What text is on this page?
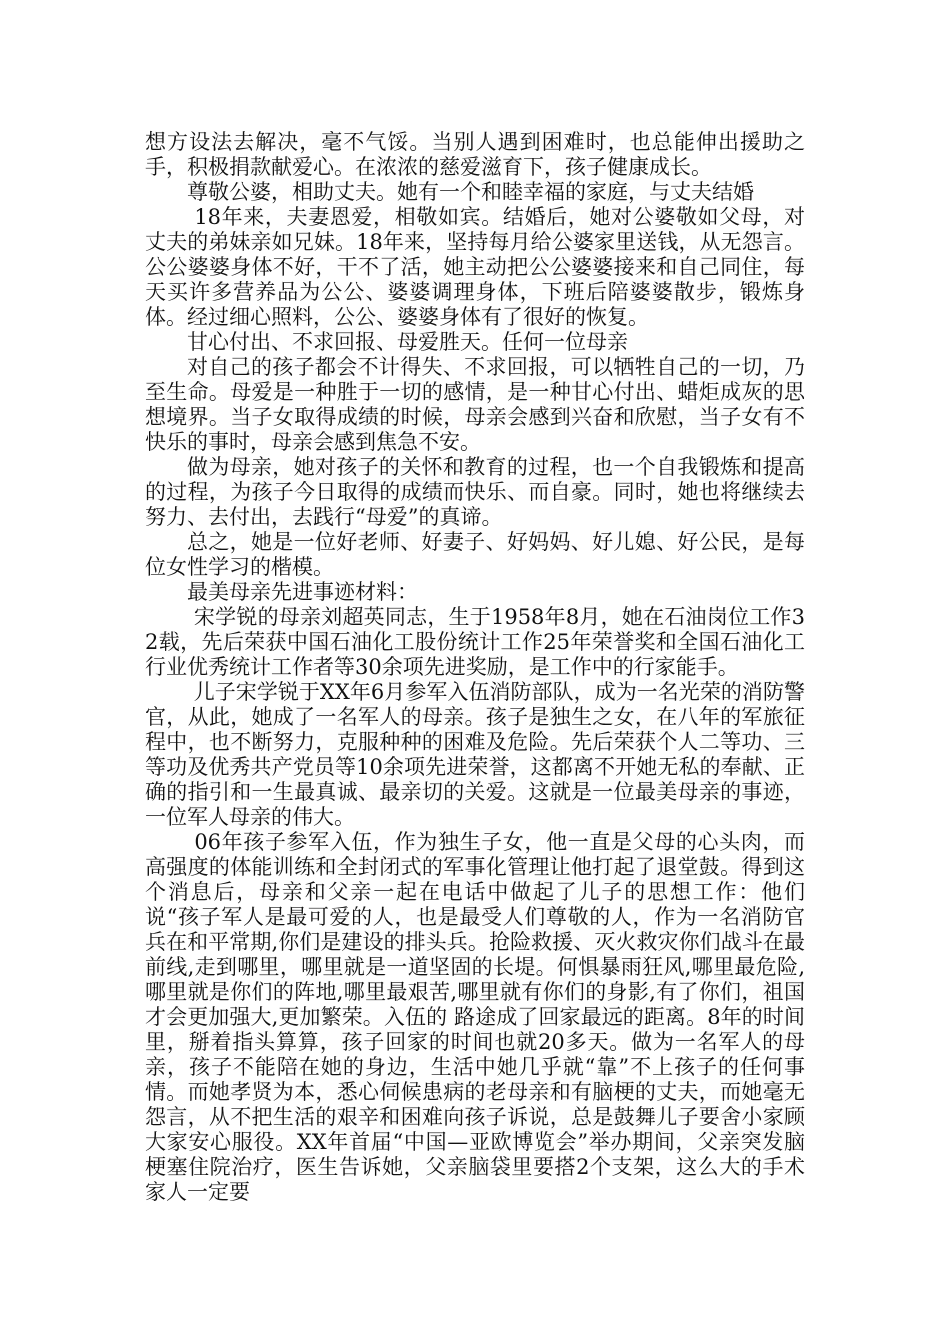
想方设法去解决，毫不气馁。当别人遇到困难时，也总能伸出援助之手，积极捐款献爱心。在浓浓的慈爱滋育下，孩子健康成长。

尊敬公婆，相助丈夫。她有一个和睦幸福的家庭，与丈夫结婚

18年来，夫妻恩爱，相敬如宾。结婚后，她对公婆敬如父母，对丈夫的弟妹亲如兄妹。18年来，坚持每月给公婆家里送钱，从无怨言。公公婆婆身体不好，干不了活，她主动把公公婆婆接来和自己同住，每天买许多营养品为公公、婆婆调理身体，下班后陪婆婆散步，锻炼身体。经过细心照料，公公、婆婆身体有了很好的恢复。

甘心付出、不求回报、母爱胜天。任何一位母亲

对自己的孩子都会不计得失、不求回报，可以牺牲自己的一切，乃至生命。母爱是一种胜于一切的感情，是一种甘心付出、蜡炬成灰的思想境界。当子女取得成绩的时候，母亲会感到兴奋和欣慰，当子女有不快乐的事时，母亲会感到焦急不安。

做为母亲，她对孩子的关怀和教育的过程，也一个自我锻炼和提高的过程，为孩子今日取得的成绩而快乐、而自豪。同时，她也将继续去努力、去付出，去践行“母爱”的真谛。

总之，她是一位好老师、好妻子、好妈妈、好儿媳、好公民，是每位女性学习的楷模。

最美母亲先进事迹材料：

宋学锐的母亲刘超英同志，生于1958年8月，她在石油岗位工作32载，先后荣获中国石油化工股份统计工作25年荣誉奖和全国石油化工行业优秀统计工作者等30余项先进奖励，是工作中的行家能手。

儿子宋学锐于XX年6月参军入伍消防部队，成为一名光荣的消防警官，从此，她成了一名军人的母亲。孩子是独生之女，在八年的军旅征程中，也不断努力，克服种种的困难及危险。先后荣获个人二等功、三等功及优秀共产党员等10余项先进荣誉，这都离不开她无私的奉献、正确的指引和一生最真诚、最亲切的关爱。这就是一位最美母亲的事迹，一位军人母亲的伟大。

06年孩子参军入伍，作为独生子女，他一直是父母的心头肉，而高强度的体能训练和全封闭式的军事化管理让他打起了退堂鼓。得到这个消息后，母亲和父亲一起在电话中做起了儿子的思想工作：他们说“孩子军人是最可爱的人，也是最受人们尊敬的人，作为一名消防官兵在和平常期,你们是建设的排头兵。抢险救援、灭火救灾你们战斗在最前线,走到哪里，哪里就是一道坚固的长堤。何惧暴雨狂风,哪里最危险,哪里就是你们的阵地,哪里最艰苦,哪里就有你们的身影,有了你们，祖国才会更加强大,更加繁荣。入伍的 路途成了回家最远的距离。8年的时间里，掰着指头算算，孩子回家的时间也就20多天。做为一名军人的母亲，孩子不能陪在她的身边，生活中她几乎就“靠”不上孩子的任何事情。而她孝贤为本，悉心伺候患病的老母亲和有脑梗的丈夫，而她毫无怨言，从不把生活的艰辛和困难向孩子诉说，总是鼓舞儿子要舍小家顾大家安心服役。XX年首届“中国—亚欧博览会”举办期间，父亲突发脑梗塞住院治疗，医生告诉她，父亲脑袋里要搭2个支架，这么大的手术家人一定要
